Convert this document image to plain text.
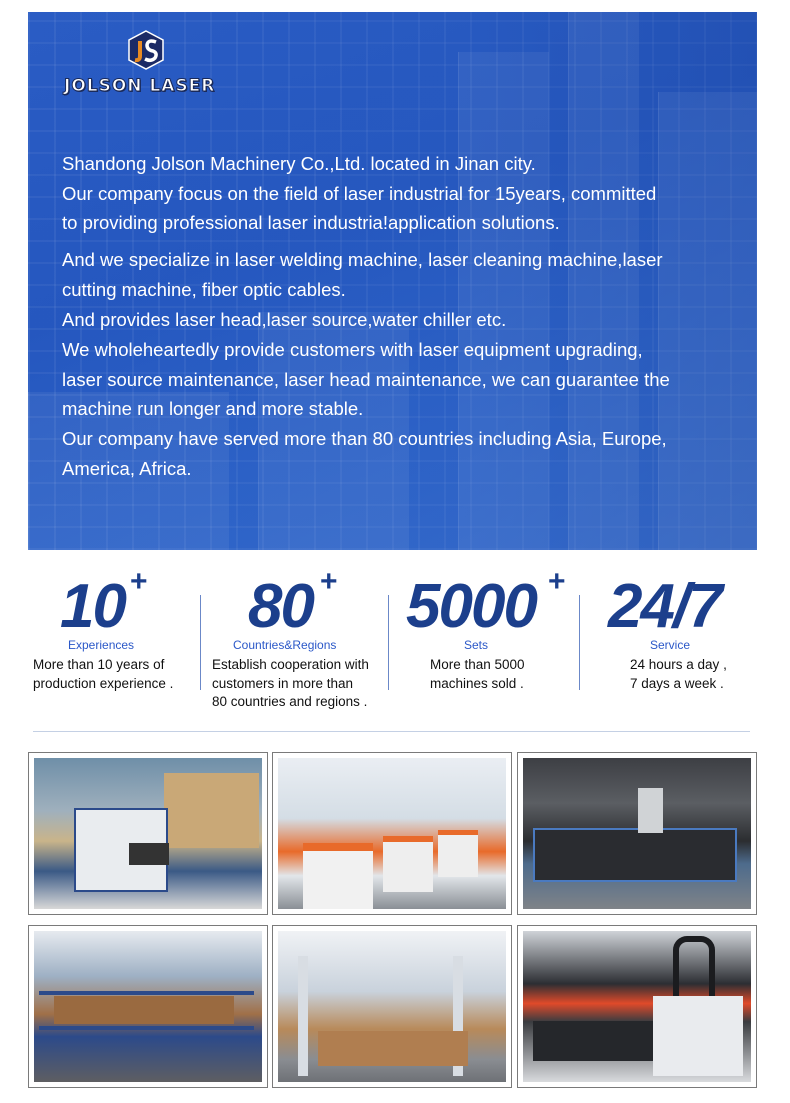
JOLSON LASER

Shandong Jolson Machinery Co.,Ltd. located in Jinan city.

Our company focus on the field of laser industrial for 15years, committed

to providing professional laser industria!application solutions.

And we specialize in laser welding machine, laser cleaning machine,laser

cutting machine, fiber optic cables.

And provides laser head,laser source,water chiller etc.

We wholeheartedly provide customers with laser equipment upgrading,

laser source maintenance, laser head maintenance, we can guarantee the

machine run longer and more stable.

Our company have served more than 80 countries including Asia, Europe,

America, Africa.

10 +
Experiences

More than 10 years of

production experience .

80 +
Countries&Regions

Establish cooperation with

customers in more than

80 countries and regions .

5000 +
Sets

More than 5000

machines sold .

24/7
Service

24 hours a day ,

7 days a week .
